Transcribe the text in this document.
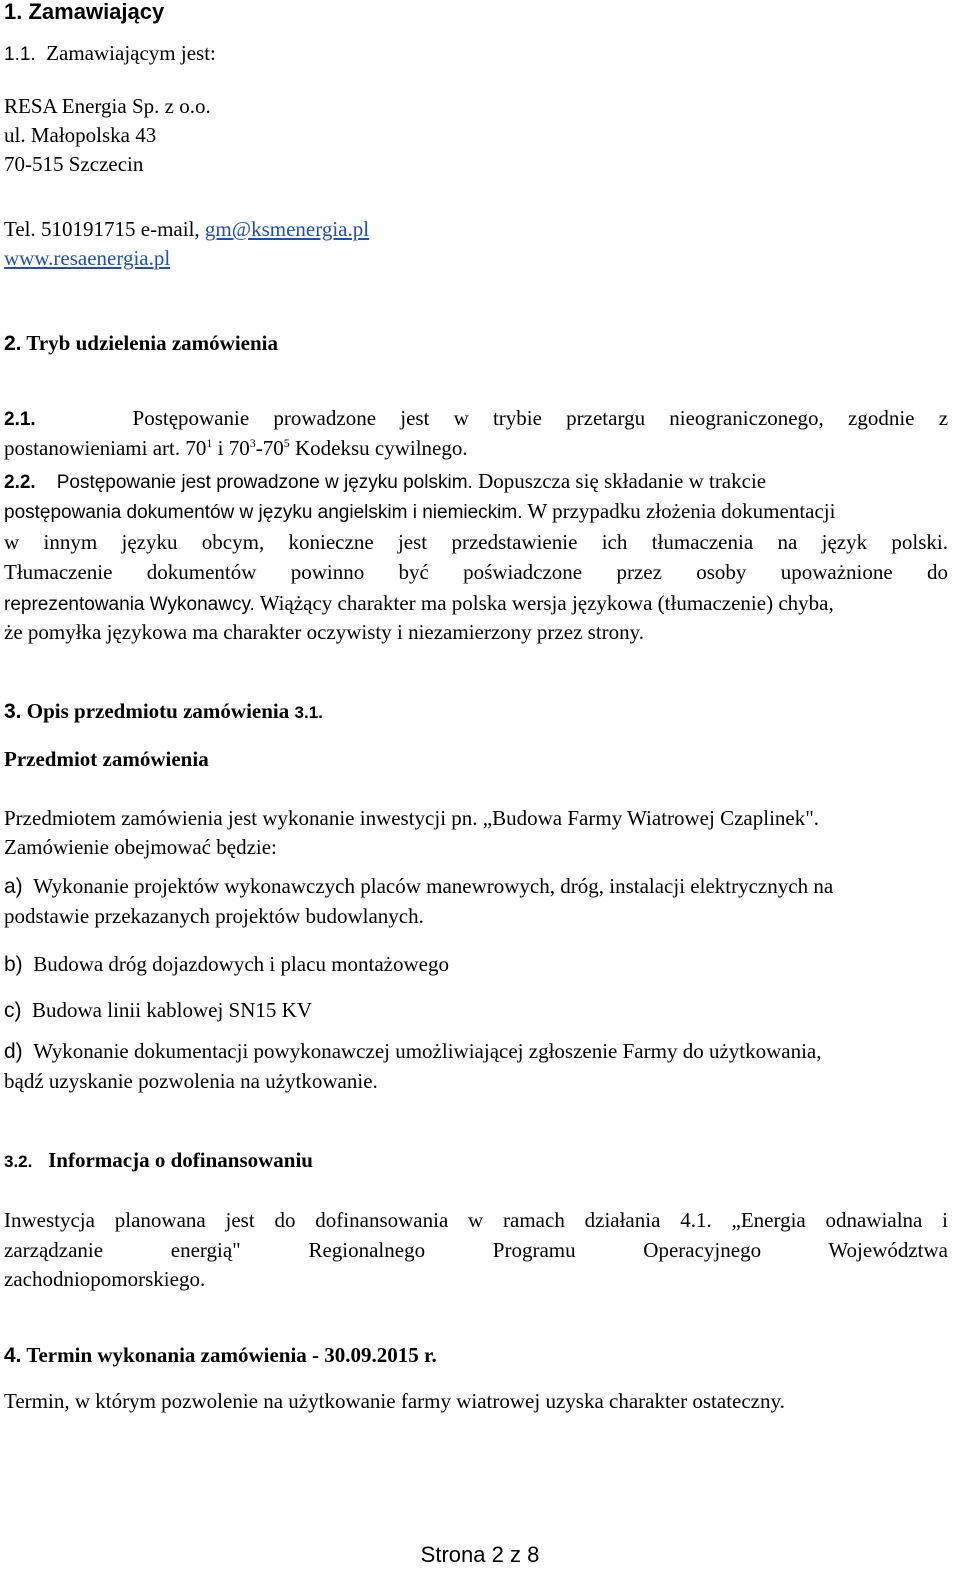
1. Zamawiający
1.1. Zamawiającym jest:
RESA Energia Sp. z o.o.
ul. Małopolska 43
70-515 Szczecin
Tel. 510191715 e-mail, gm@ksmenergia.pl
www.resaenergia.pl
2. Tryb udzielenia zamówienia
2.1.	Postępowanie prowadzone jest w trybie przetargu nieograniczonego, zgodnie z
postanowieniami art. $70^1$ i $70^3-70^5$ Kodeksu cywilnego.
2.2. Postępowanie jest prowadzone w języku polskim. Dopuszcza się składanie w trakcie
postępowania dokumentów w języku angielskim i niemieckim. W przypadku złożenia dokumentacji
w innym języku obcym, konieczne jest przedstawienie ich tłumaczenia na język polski.
Tłumaczenie dokumentów powinno być poświadczone przez osoby upoważnione do
reprezentowania Wykonawcy. Wiążący charakter ma polska wersja językowa (tłumaczenie) chyba,
że pomyłka językowa ma charakter oczywisty i niezamierzony przez strony.
3. Opis przedmiotu zamówienia 3.1.
Przedmiot zamówienia
Przedmiotem zamówienia jest wykonanie inwestycji pn. „Budowa Farmy Wiatrowej Czaplinek".
Zamówienie obejmować będzie:
a) Wykonanie projektów wykonawczych placów manewrowych, dróg, instalacji elektrycznych na
podstawie przekazanych projektów budowlanych.
b) Budowa dróg dojazdowych i placu montażowego
c) Budowa linii kablowej SN15 KV
d) Wykonanie dokumentacji powykonawczej umożliwiającej zgłoszenie Farmy do użytkowania,
bądź uzyskanie pozwolenia na użytkowanie.
3.2. Informacja o dofinansowaniu
Inwestycja planowana jest do dofinansowania w ramach działania 4.1. „Energia odnawialna i
zarządzanie energią" Regionalnego Programu Operacyjnego Województwa
zachodniopomorskiego.
4. Termin wykonania zamówienia - 30.09.2015 r.
Termin, w którym pozwolenie na użytkowanie farmy wiatrowej uzyska charakter ostateczny.
Strona 2 z 8
